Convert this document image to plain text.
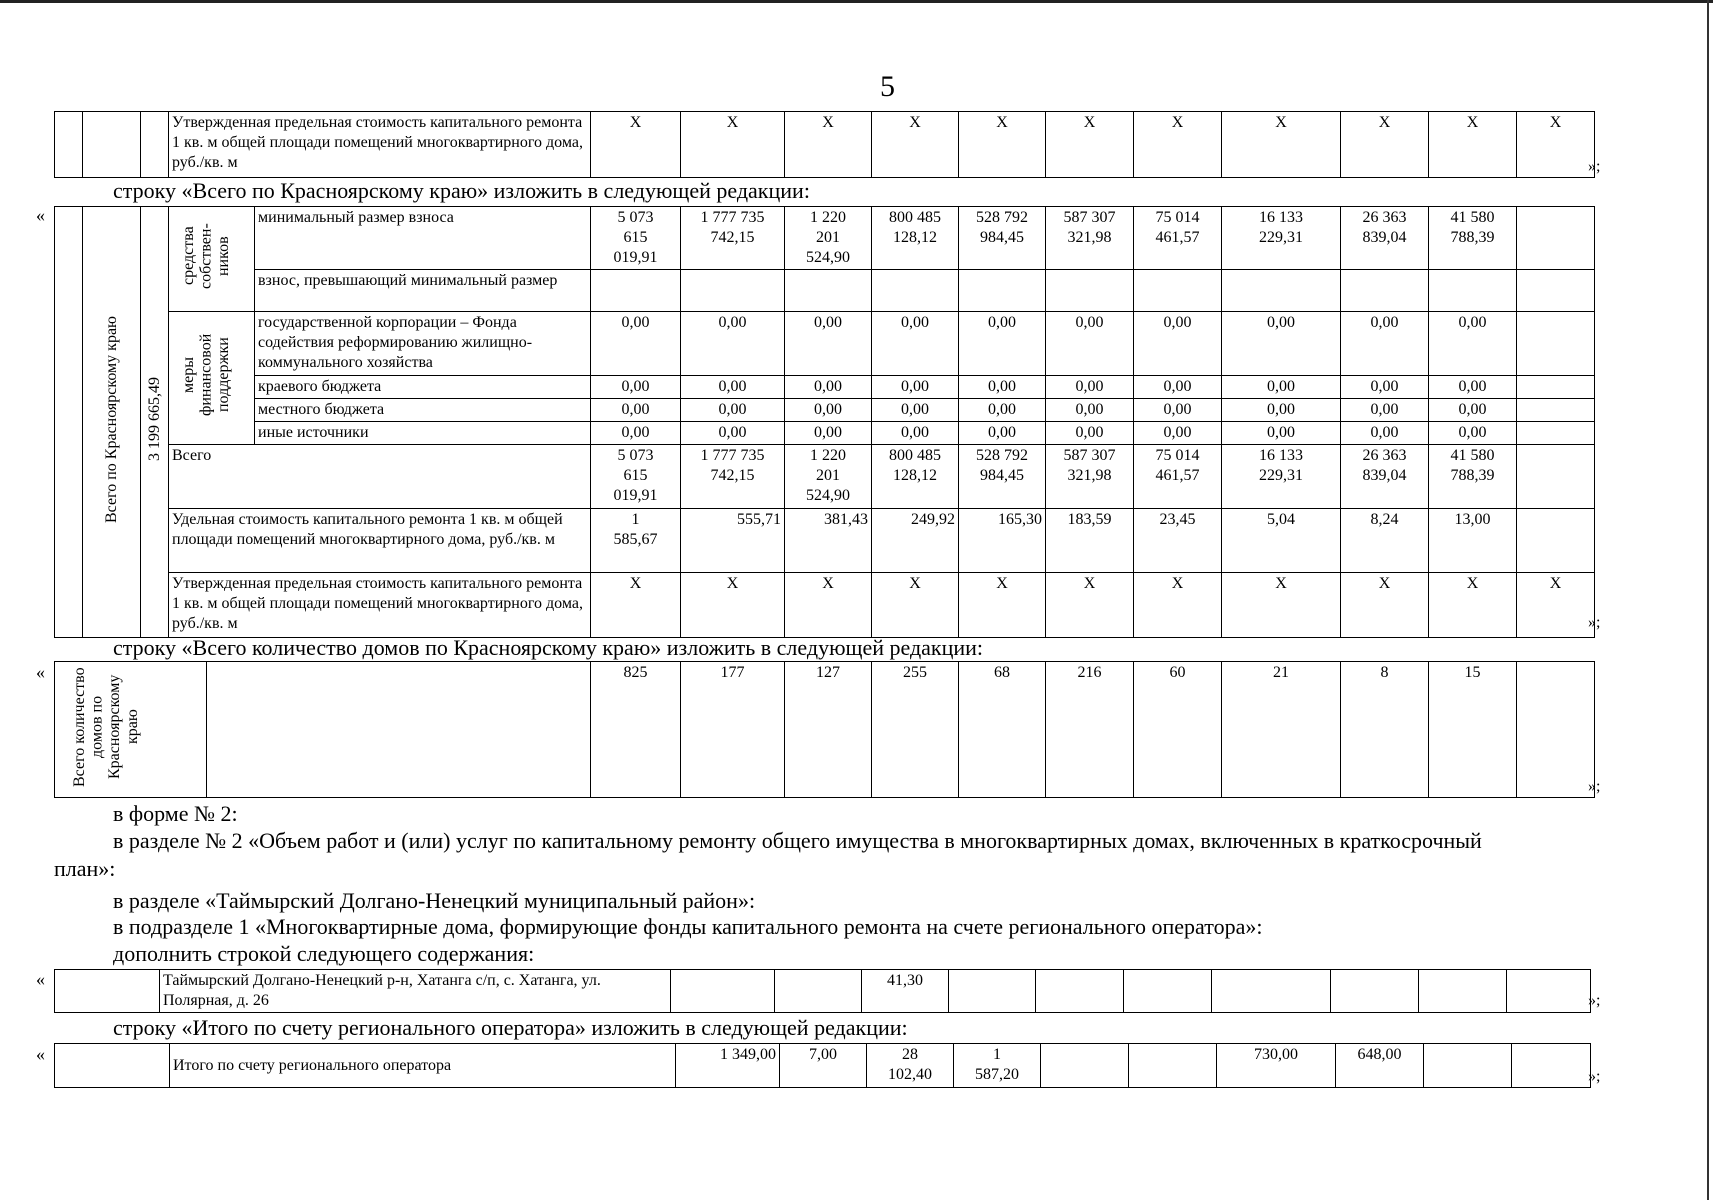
5
			Утвержденная предельная стоимость капитального ремонта 1 кв. м общей площади помещений многоквартирного дома, руб./кв. м	Х	Х	Х	Х	Х	Х	Х	Х	Х	Х	Х
»;
строку «Всего по Красноярскому краю» изложить в следующей редакции:
«
	Всего по Красноярскому краю	3 199 665,49	средства собствен-ников	минимальный размер взноса	5 073
615
019,91	1 777 735
742,15	1 220
201
524,90	800 485
128,12	528 792
984,45	587 307
321,98	75 014
461,57	16 133
229,31	26 363
839,04	41 580
788,39	
				взнос, превышающий минимальный размер											
			меры финансовой поддержки	государственной корпорации – Фонда содействия реформированию жилищно-коммунального хозяйства	0,00	0,00	0,00	0,00	0,00	0,00	0,00	0,00	0,00	0,00	
				краевого бюджета	0,00	0,00	0,00	0,00	0,00	0,00	0,00	0,00	0,00	0,00	
				местного бюджета	0,00	0,00	0,00	0,00	0,00	0,00	0,00	0,00	0,00	0,00	
				иные источники	0,00	0,00	0,00	0,00	0,00	0,00	0,00	0,00	0,00	0,00	
			Всего		5 073
615
019,91	1 777 735
742,15	1 220
201
524,90	800 485
128,12	528 792
984,45	587 307
321,98	75 014
461,57	16 133
229,31	26 363
839,04	41 580
788,39	
			Удельная стоимость капитального ремонта 1 кв. м общей площади помещений многоквартирного дома, руб./кв. м		1
585,67	555,71	381,43	249,92	165,30	183,59	23,45	5,04	8,24	13,00	
			Утвержденная предельная стоимость капитального ремонта 1 кв. м общей площади помещений многоквартирного дома, руб./кв. м		Х	Х	Х	Х	Х	Х	Х	Х	Х	Х	Х
»;
строку «Всего количество домов по Красноярскому краю» изложить в следующей редакции:
« Всего количество домов по Красноярскому краю		825	177	127	255	68	216	60	21	8	15	
»;
в форме № 2:
в разделе № 2 «Объем работ и (или) услуг по капитальному ремонту общего имущества в многоквартирных домах, включенных в краткосрочный
план»:
в разделе «Таймырский Долгано-Ненецкий муниципальный район»:
в подразделе 1 «Многоквартирные дома, формирующие фонды капитального ремонта на счете регионального оператора»:
дополнить строкой следующего содержания:
«
		Таймырский Долгано-Ненецкий р-н, Хатанга с/п, с. Хатанга, ул. Полярная, д. 26			41,30							
»;
строку «Итого по счету регионального оператора» изложить в следующей редакции:
«
	Итого по счету регионального оператора	1 349,00	7,00	28
102,40	1
587,20			730,00	648,00			
»;
